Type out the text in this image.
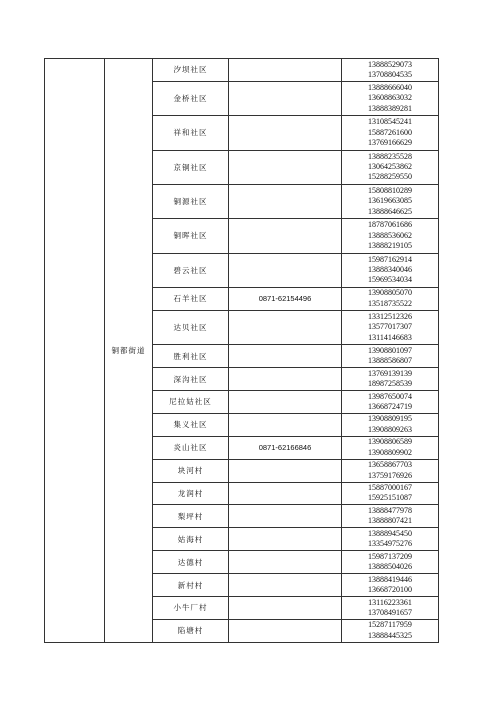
	铜都街道	汐坝社区		13888529073
13708804535

		金桥社区		13888666040
13608863032
13888389281

		祥和社区		13108545241
15887261600
13769166629

		京铜社区		13888235528
13064253862
15288259550

		铜源社区		15808810289
13619663085
13888646625

		铜晖社区		18787061686
13888536062
13888219105

		碧云社区		15987162914
13888340046
15969534034

		石羊社区	0871-62154496	13908805070
13518735522

		达贝社区		13312512326
13577017307
13114146683

		胜利社区		13908801097
13888586807

		深沟社区		13769139139
18987258539

		尼拉姑社区		13987650074
13668724719

		集义社区		13908809195
13908809263

		炎山社区	0871-62166846	13908806589
13908809902

		块河村		13658867703
13759176926

		龙润村		15887000167
15925151087

		梨坪村		13888477978
13888807421

		姑海村		13888945450
13354975276

		达德村		15987137209
13888504026

		新村村		13888419446
13668720100

		小牛厂村		13116223361
13708491657

		陷塘村		15287117959
13888445325
